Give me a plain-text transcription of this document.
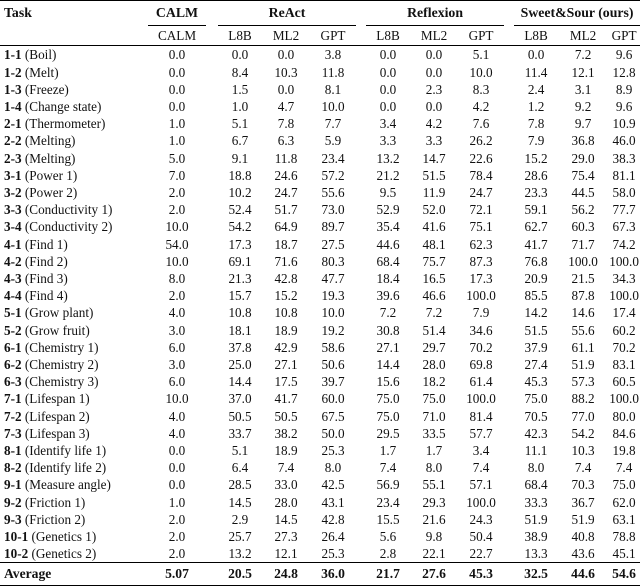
Task	CALM		ReAct				Reflexion				Sweet&Sour (ours)		
	CALM		L8B	ML2	GPT		L8B	ML2	GPT		L8B	ML2	GPT
1-1 (Boil)	0.0		0.0	0.0	3.8		0.0	0.0	5.1		0.0	7.2	9.6
1-2 (Melt)	0.0		8.4	10.3	11.8		0.0	0.0	10.0		11.4	12.1	12.8
1-3 (Freeze)	0.0		1.5	0.0	8.1		0.0	2.3	8.3		2.4	3.1	8.9
1-4 (Change state)	0.0		1.0	4.7	10.0		0.0	0.0	4.2		1.2	9.2	9.6
2-1 (Thermometer)	1.0		5.1	7.8	7.7		3.4	4.2	7.6		7.8	9.7	10.9
2-2 (Melting)	1.0		6.7	6.3	5.9		3.3	3.3	26.2		7.9	36.8	46.0
2-3 (Melting)	5.0		9.1	11.8	23.4		13.2	14.7	22.6		15.2	29.0	38.3
3-1 (Power 1)	7.0		18.8	24.6	57.2		21.2	51.5	78.4		28.6	75.4	81.1
3-2 (Power 2)	2.0		10.2	24.7	55.6		9.5	11.9	24.7		23.3	44.5	58.0
3-3 (Conductivity 1)	2.0		52.4	51.7	73.0		52.9	52.0	72.1		59.1	56.2	77.7
3-4 (Conductivity 2)	10.0		54.2	64.9	89.7		35.4	41.6	75.1		62.7	60.3	67.3
4-1 (Find 1)	54.0		17.3	18.7	27.5		44.6	48.1	62.3		41.7	71.7	74.2
4-2 (Find 2)	10.0		69.1	71.6	80.3		68.4	75.7	87.3		76.8	100.0	100.0
4-3 (Find 3)	8.0		21.3	42.8	47.7		18.4	16.5	17.3		20.9	21.5	34.3
4-4 (Find 4)	2.0		15.7	15.2	19.3		39.6	46.6	100.0		85.5	87.8	100.0
5-1 (Grow plant)	4.0		10.8	10.8	10.0		7.2	7.2	7.9		14.2	14.6	17.4
5-2 (Grow fruit)	3.0		18.1	18.9	19.2		30.8	51.4	34.6		51.5	55.6	60.2
6-1 (Chemistry 1)	6.0		37.8	42.9	58.6		27.1	29.7	70.2		37.9	61.1	70.2
6-2 (Chemistry 2)	3.0		25.0	27.1	50.6		14.4	28.0	69.8		27.4	51.9	83.1
6-3 (Chemistry 3)	6.0		14.4	17.5	39.7		15.6	18.2	61.4		45.3	57.3	60.5
7-1 (Lifespan 1)	10.0		37.0	41.7	60.0		75.0	75.0	100.0		75.0	88.2	100.0
7-2 (Lifespan 2)	4.0		50.5	50.5	67.5		75.0	71.0	81.4		70.5	77.0	80.0
7-3 (Lifespan 3)	4.0		33.7	38.2	50.0		29.5	33.5	57.7		42.3	54.2	84.6
8-1 (Identify life 1)	0.0		5.1	18.9	25.3		1.7	1.7	3.4		11.1	10.3	19.8
8-2 (Identify life 2)	0.0		6.4	7.4	8.0		7.4	8.0	7.4		8.0	7.4	7.4
9-1 (Measure angle)	0.0		28.5	33.0	42.5		56.9	55.1	57.1		68.4	70.3	75.0
9-2 (Friction 1)	1.0		14.5	28.0	43.1		23.4	29.3	100.0		33.3	36.7	62.0
9-3 (Friction 2)	2.0		2.9	14.5	42.8		15.5	21.6	24.3		51.9	51.9	63.1
10-1 (Genetics 1)	2.0		25.7	27.3	26.4		5.6	9.8	50.4		38.9	40.8	78.8
10-2 (Genetics 2)	2.0		13.2	12.1	25.3		2.8	22.1	22.7		13.3	43.6	45.1
Average	5.07		20.5	24.8	36.0		21.7	27.6	45.3		32.5	44.6	54.6
